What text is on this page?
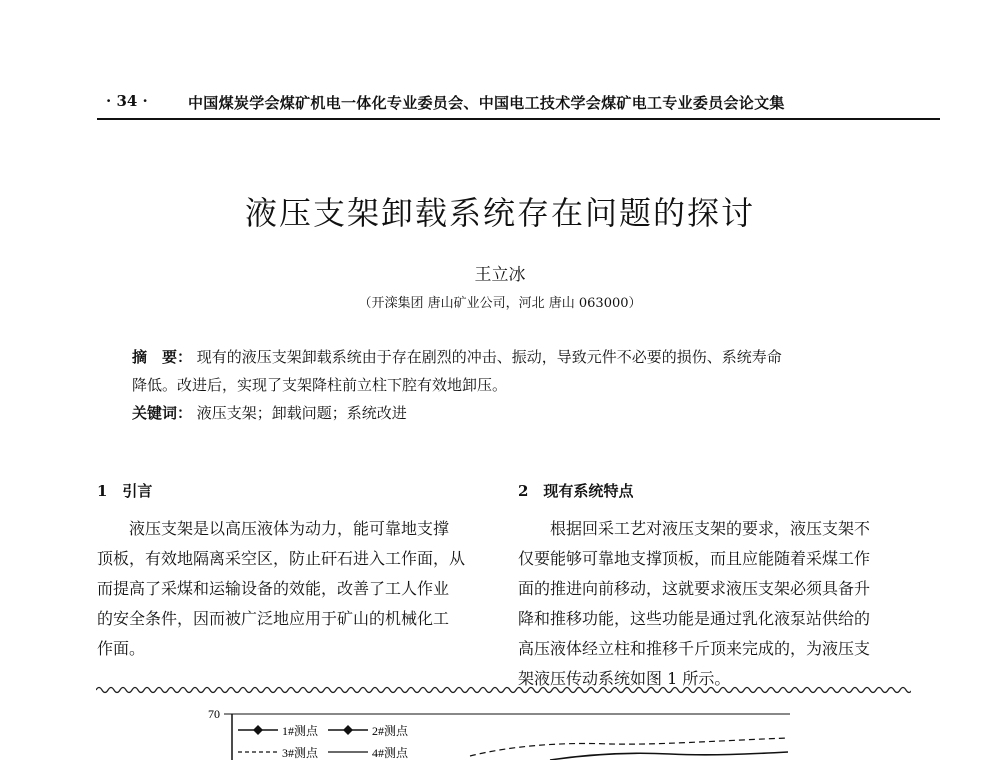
· 34 ·	中国煤炭学会煤矿机电一体化专业委员会、中国电工技术学会煤矿电工专业委员会论文集
液压支架卸载系统存在问题的探讨
王立冰
（开滦集团 唐山矿业公司，河北 唐山 063000）
摘　要： 现有的液压支架卸载系统由于存在剧烈的冲击、振动，导致元件不必要的损伤、系统寿命
降低。改进后，实现了支架降柱前立柱下腔有效地卸压。
关键词： 液压支架；卸载问题；系统改进
1　引言	2　现有系统特点
液压支架是以高压液体为动力，能可靠地支撑
顶板，有效地隔离采空区，防止矸石进入工作面，从
而提高了采煤和运输设备的效能，改善了工人作业
的安全条件，因而被广泛地应用于矿山的机械化工
作面。
根据回采工艺对液压支架的要求，液压支架不
仅要能够可靠地支撑顶板，而且应能随着采煤工作
面的推进向前移动，这就要求液压支架必须具备升
降和推移功能，这些功能是通过乳化液泵站供给的
高压液体经立柱和推移千斤顶来完成的，为液压支
架液压传动系统如图 1 所示。
70
1#测点	2#测点
3#测点	4#测点
